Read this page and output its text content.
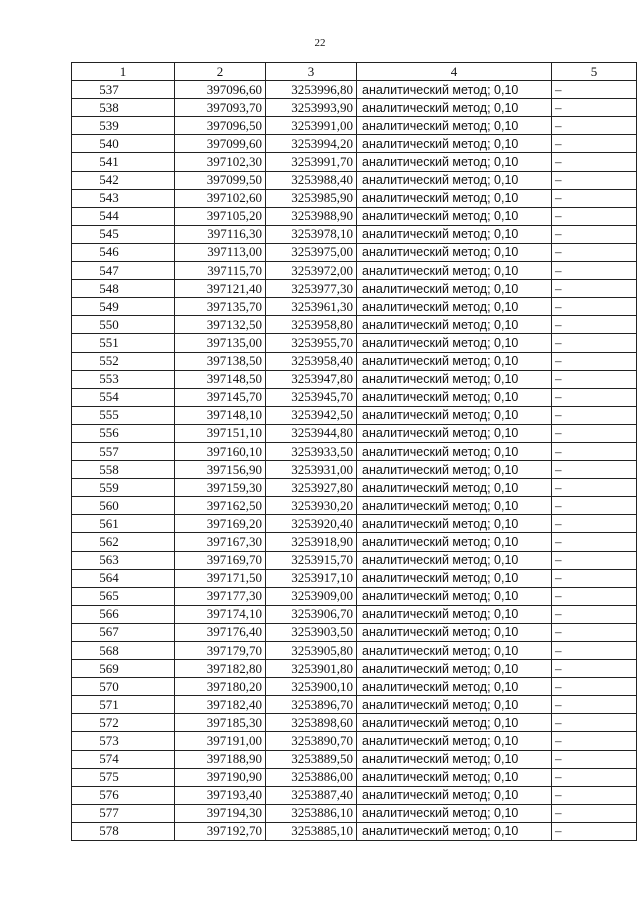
22
1	2	3	4	5
537	397096,60	3253996,80	аналитический метод; 0,10	–
538	397093,70	3253993,90	аналитический метод; 0,10	–
539	397096,50	3253991,00	аналитический метод; 0,10	–
540	397099,60	3253994,20	аналитический метод; 0,10	–
541	397102,30	3253991,70	аналитический метод; 0,10	–
542	397099,50	3253988,40	аналитический метод; 0,10	–
543	397102,60	3253985,90	аналитический метод; 0,10	–
544	397105,20	3253988,90	аналитический метод; 0,10	–
545	397116,30	3253978,10	аналитический метод; 0,10	–
546	397113,00	3253975,00	аналитический метод; 0,10	–
547	397115,70	3253972,00	аналитический метод; 0,10	–
548	397121,40	3253977,30	аналитический метод; 0,10	–
549	397135,70	3253961,30	аналитический метод; 0,10	–
550	397132,50	3253958,80	аналитический метод; 0,10	–
551	397135,00	3253955,70	аналитический метод; 0,10	–
552	397138,50	3253958,40	аналитический метод; 0,10	–
553	397148,50	3253947,80	аналитический метод; 0,10	–
554	397145,70	3253945,70	аналитический метод; 0,10	–
555	397148,10	3253942,50	аналитический метод; 0,10	–
556	397151,10	3253944,80	аналитический метод; 0,10	–
557	397160,10	3253933,50	аналитический метод; 0,10	–
558	397156,90	3253931,00	аналитический метод; 0,10	–
559	397159,30	3253927,80	аналитический метод; 0,10	–
560	397162,50	3253930,20	аналитический метод; 0,10	–
561	397169,20	3253920,40	аналитический метод; 0,10	–
562	397167,30	3253918,90	аналитический метод; 0,10	–
563	397169,70	3253915,70	аналитический метод; 0,10	–
564	397171,50	3253917,10	аналитический метод; 0,10	–
565	397177,30	3253909,00	аналитический метод; 0,10	–
566	397174,10	3253906,70	аналитический метод; 0,10	–
567	397176,40	3253903,50	аналитический метод; 0,10	–
568	397179,70	3253905,80	аналитический метод; 0,10	–
569	397182,80	3253901,80	аналитический метод; 0,10	–
570	397180,20	3253900,10	аналитический метод; 0,10	–
571	397182,40	3253896,70	аналитический метод; 0,10	–
572	397185,30	3253898,60	аналитический метод; 0,10	–
573	397191,00	3253890,70	аналитический метод; 0,10	–
574	397188,90	3253889,50	аналитический метод; 0,10	–
575	397190,90	3253886,00	аналитический метод; 0,10	–
576	397193,40	3253887,40	аналитический метод; 0,10	–
577	397194,30	3253886,10	аналитический метод; 0,10	–
578	397192,70	3253885,10	аналитический метод; 0,10	–
